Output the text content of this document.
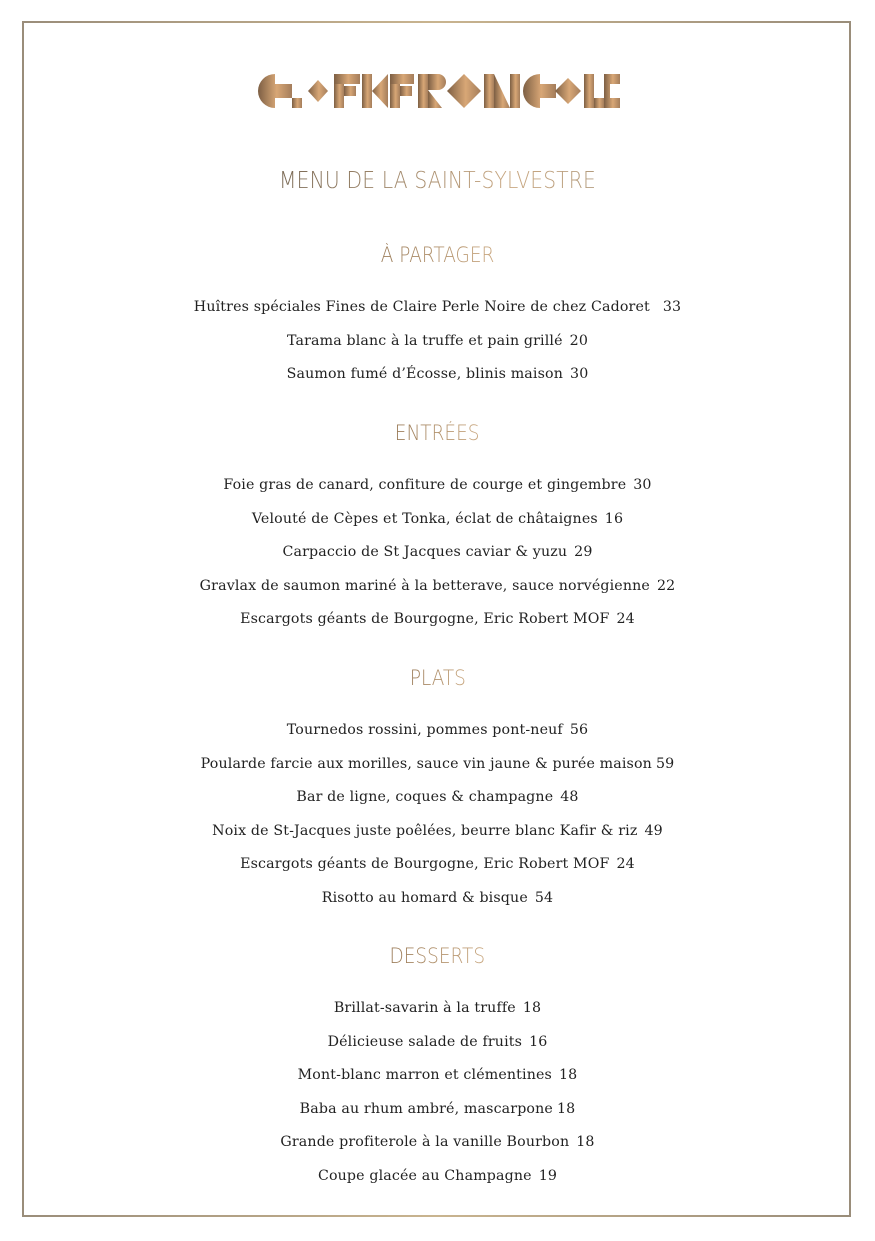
MENU DE LA SAINT-SYLVESTRE
À PARTAGER
Huîtres spéciales Fines de Claire Perle Noire de chez Cadoret 33
Tarama blanc à la truffe et pain grillé 20
Saumon fumé d’Écosse, blinis maison 30
ENTRÉES
Foie gras de canard, confiture de courge et gingembre 30
Velouté de Cèpes et Tonka, éclat de châtaignes 16
Carpaccio de St Jacques caviar & yuzu 29
Gravlax de saumon mariné à la betterave, sauce norvégienne 22
Escargots géants de Bourgogne, Eric Robert MOF 24
PLATS
Tournedos rossini, pommes pont-neuf 56
Poularde farcie aux morilles, sauce vin jaune & purée maison 59
Bar de ligne, coques & champagne 48
Noix de St-Jacques juste poêlées, beurre blanc Kafir & riz 49
Escargots géants de Bourgogne, Eric Robert MOF 24
Risotto au homard & bisque 54
DESSERTS
Brillat-savarin à la truffe 18
Délicieuse salade de fruits 16
Mont-blanc marron et clémentines 18
Baba au rhum ambré, mascarpone 18
Grande profiterole à la vanille Bourbon 18
Coupe glacée au Champagne 19
